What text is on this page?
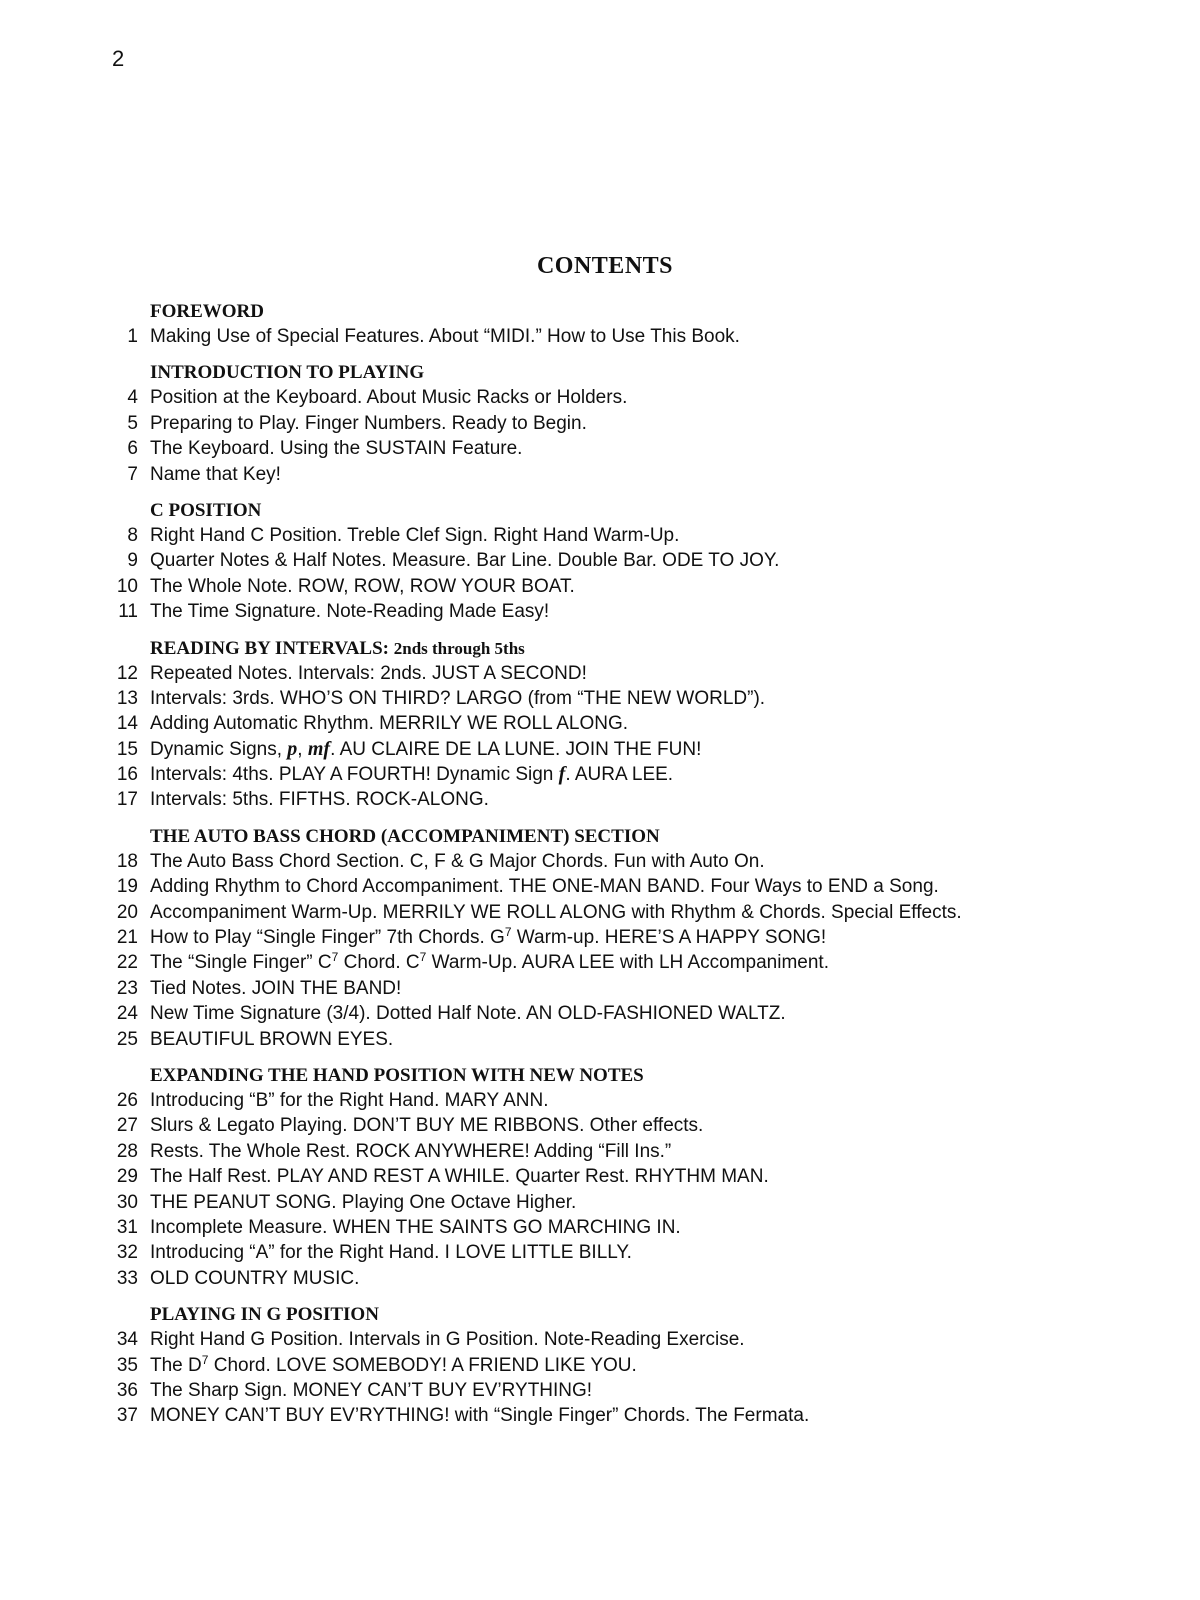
2
CONTENTS
FOREWORD
1 Making Use of Special Features. About “MIDI.” How to Use This Book.
INTRODUCTION TO PLAYING
4 Position at the Keyboard. About Music Racks or Holders.
5 Preparing to Play. Finger Numbers. Ready to Begin.
6 The Keyboard. Using the SUSTAIN Feature.
7 Name that Key!
C POSITION
8 Right Hand C Position. Treble Clef Sign. Right Hand Warm-Up.
9 Quarter Notes & Half Notes. Measure. Bar Line. Double Bar. ODE TO JOY.
10 The Whole Note. ROW, ROW, ROW YOUR BOAT.
11 The Time Signature. Note-Reading Made Easy!
READING BY INTERVALS: 2nds through 5ths
12 Repeated Notes. Intervals: 2nds. JUST A SECOND!
13 Intervals: 3rds. WHO’S ON THIRD? LARGO (from “THE NEW WORLD”).
14 Adding Automatic Rhythm. MERRILY WE ROLL ALONG.
15 Dynamic Signs, p, mf. AU CLAIRE DE LA LUNE. JOIN THE FUN!
16 Intervals: 4ths. PLAY A FOURTH! Dynamic Sign f. AURA LEE.
17 Intervals: 5ths. FIFTHS. ROCK-ALONG.
THE AUTO BASS CHORD (ACCOMPANIMENT) SECTION
18 The Auto Bass Chord Section. C, F & G Major Chords. Fun with Auto On.
19 Adding Rhythm to Chord Accompaniment. THE ONE-MAN BAND. Four Ways to END a Song.
20 Accompaniment Warm-Up. MERRILY WE ROLL ALONG with Rhythm & Chords. Special Effects.
21 How to Play “Single Finger” 7th Chords. $G^7$ Warm-up. HERE’S A HAPPY SONG!
22 The “Single Finger” $C^7$ Chord. $C^7$ Warm-Up. AURA LEE with LH Accompaniment.
23 Tied Notes. JOIN THE BAND!
24 New Time Signature (3/4). Dotted Half Note. AN OLD-FASHIONED WALTZ.
25 BEAUTIFUL BROWN EYES.
EXPANDING THE HAND POSITION WITH NEW NOTES
26 Introducing “B” for the Right Hand. MARY ANN.
27 Slurs & Legato Playing. DON’T BUY ME RIBBONS. Other effects.
28 Rests. The Whole Rest. ROCK ANYWHERE! Adding “Fill Ins.”
29 The Half Rest. PLAY AND REST A WHILE. Quarter Rest. RHYTHM MAN.
30 THE PEANUT SONG. Playing One Octave Higher.
31 Incomplete Measure. WHEN THE SAINTS GO MARCHING IN.
32 Introducing “A” for the Right Hand. I LOVE LITTLE BILLY.
33 OLD COUNTRY MUSIC.
PLAYING IN G POSITION
34 Right Hand G Position. Intervals in G Position. Note-Reading Exercise.
35 The $D^7$ Chord. LOVE SOMEBODY! A FRIEND LIKE YOU.
36 The Sharp Sign. MONEY CAN’T BUY EV’RYTHING!
37 MONEY CAN’T BUY EV’RYTHING! with “Single Finger” Chords. The Fermata.
